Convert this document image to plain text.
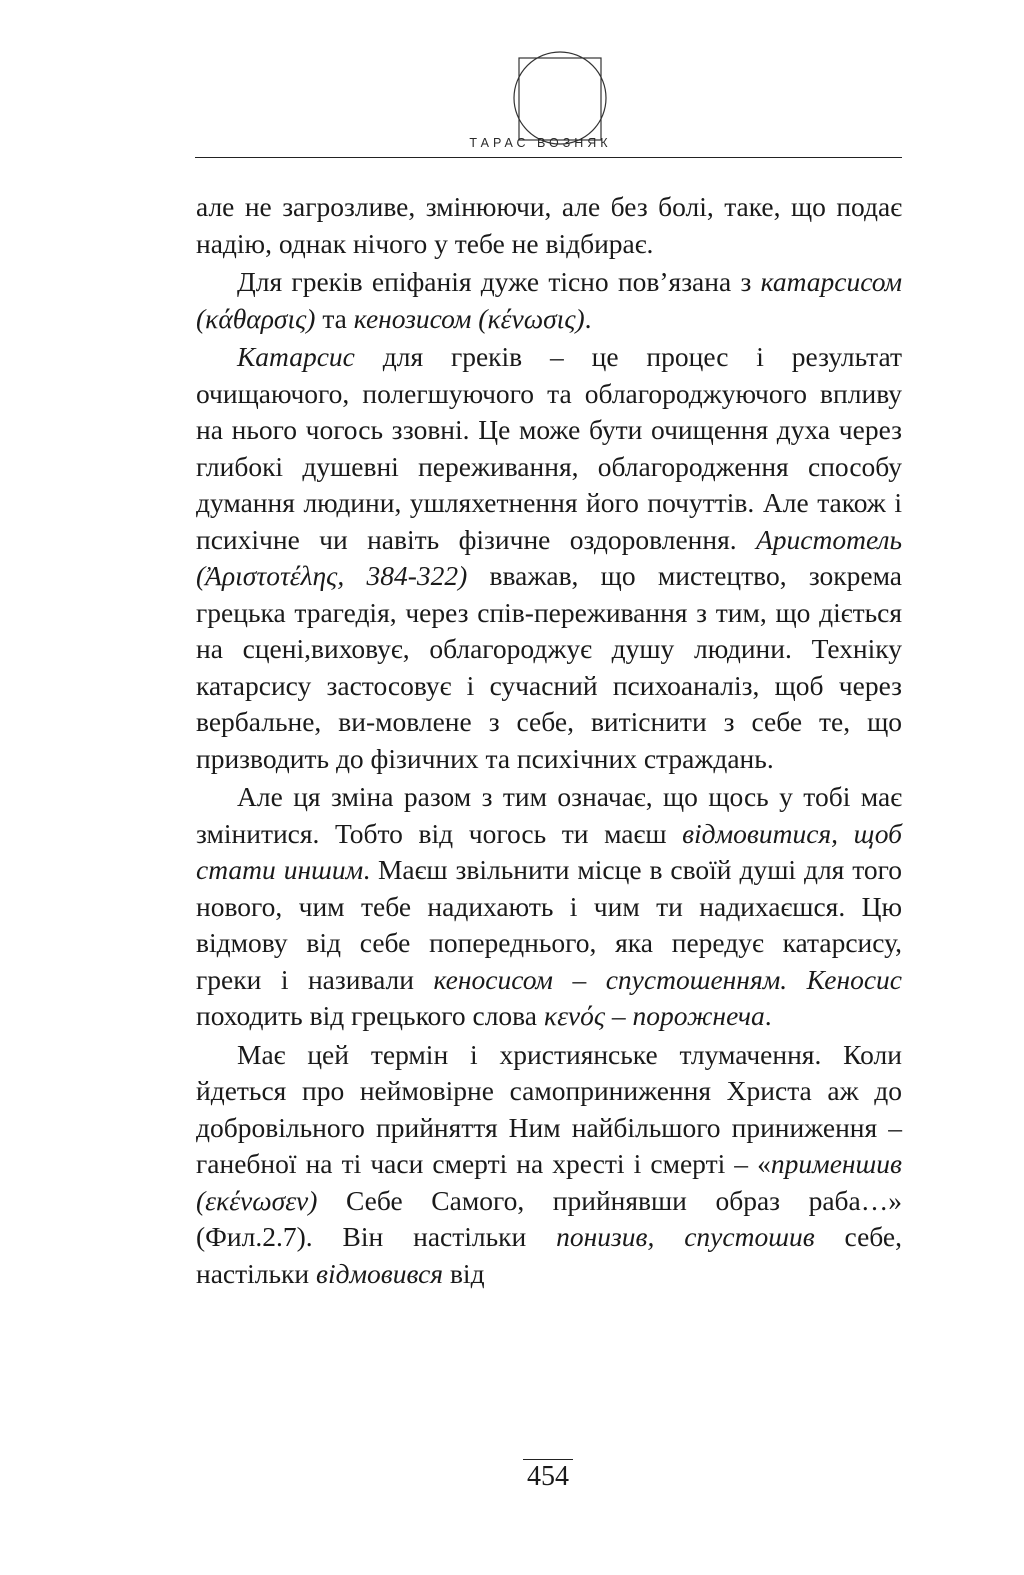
ТАРАС ВОЗНЯК

але не загрозливе, змінюючи, але без болі, таке, що подає надію, однак нічого у тебе не відбирає.

Для греків епіфанія дуже тісно пов’язана з катарсисом (κάθαρσις) та кенозисом (κένωσις).

Катарсис для греків – це процес і результат очищаючого, полегшуючого та облагороджуючого впливу на нього чогось ззовні. Це може бути очищення духа через глибокі душевні переживання, облагородження способу думання людини, ушляхетнення його почуттів. Але також і психічне чи навіть фізичне оздоровлення. Аристотель (Ἀριστοτέλης, 384-322) вважав, що мистецтво, зокрема грецька трагедія, через спів-переживання з тим, що діється на сцені,виховує, облагороджує душу людини. Техніку катарсису застосовує і сучасний психоаналіз, щоб через вербальне, ви-мовлене з себе, витіснити з себе те, що призводить до фізичних та психічних страждань.

Але ця зміна разом з тим означає, що щось у тобі має змінитися. Тобто від чогось ти маєш відмовитися, щоб стати иншим. Маєш звільнити місце в своїй душі для того нового, чим тебе надихають і чим ти надихаєшся. Цю відмову від себе попереднього, яка передує катарсису, греки і називали кеносисом – спустошенням. Кеносис походить від грецького слова κενός – порожнеча.

Має цей термін і християнське тлумачення. Коли йдеться про неймовірне самоприниження Христа аж до добровільного прийняття Ним найбільшого приниження – ганебної на ті часи смерті на хресті і смерті – «применшив (εκένωσεν) Себе Самого, прийнявши образ раба…» (Фил.2.7). Він настільки понизив, спустошив себе, настільки відмовився від

454
